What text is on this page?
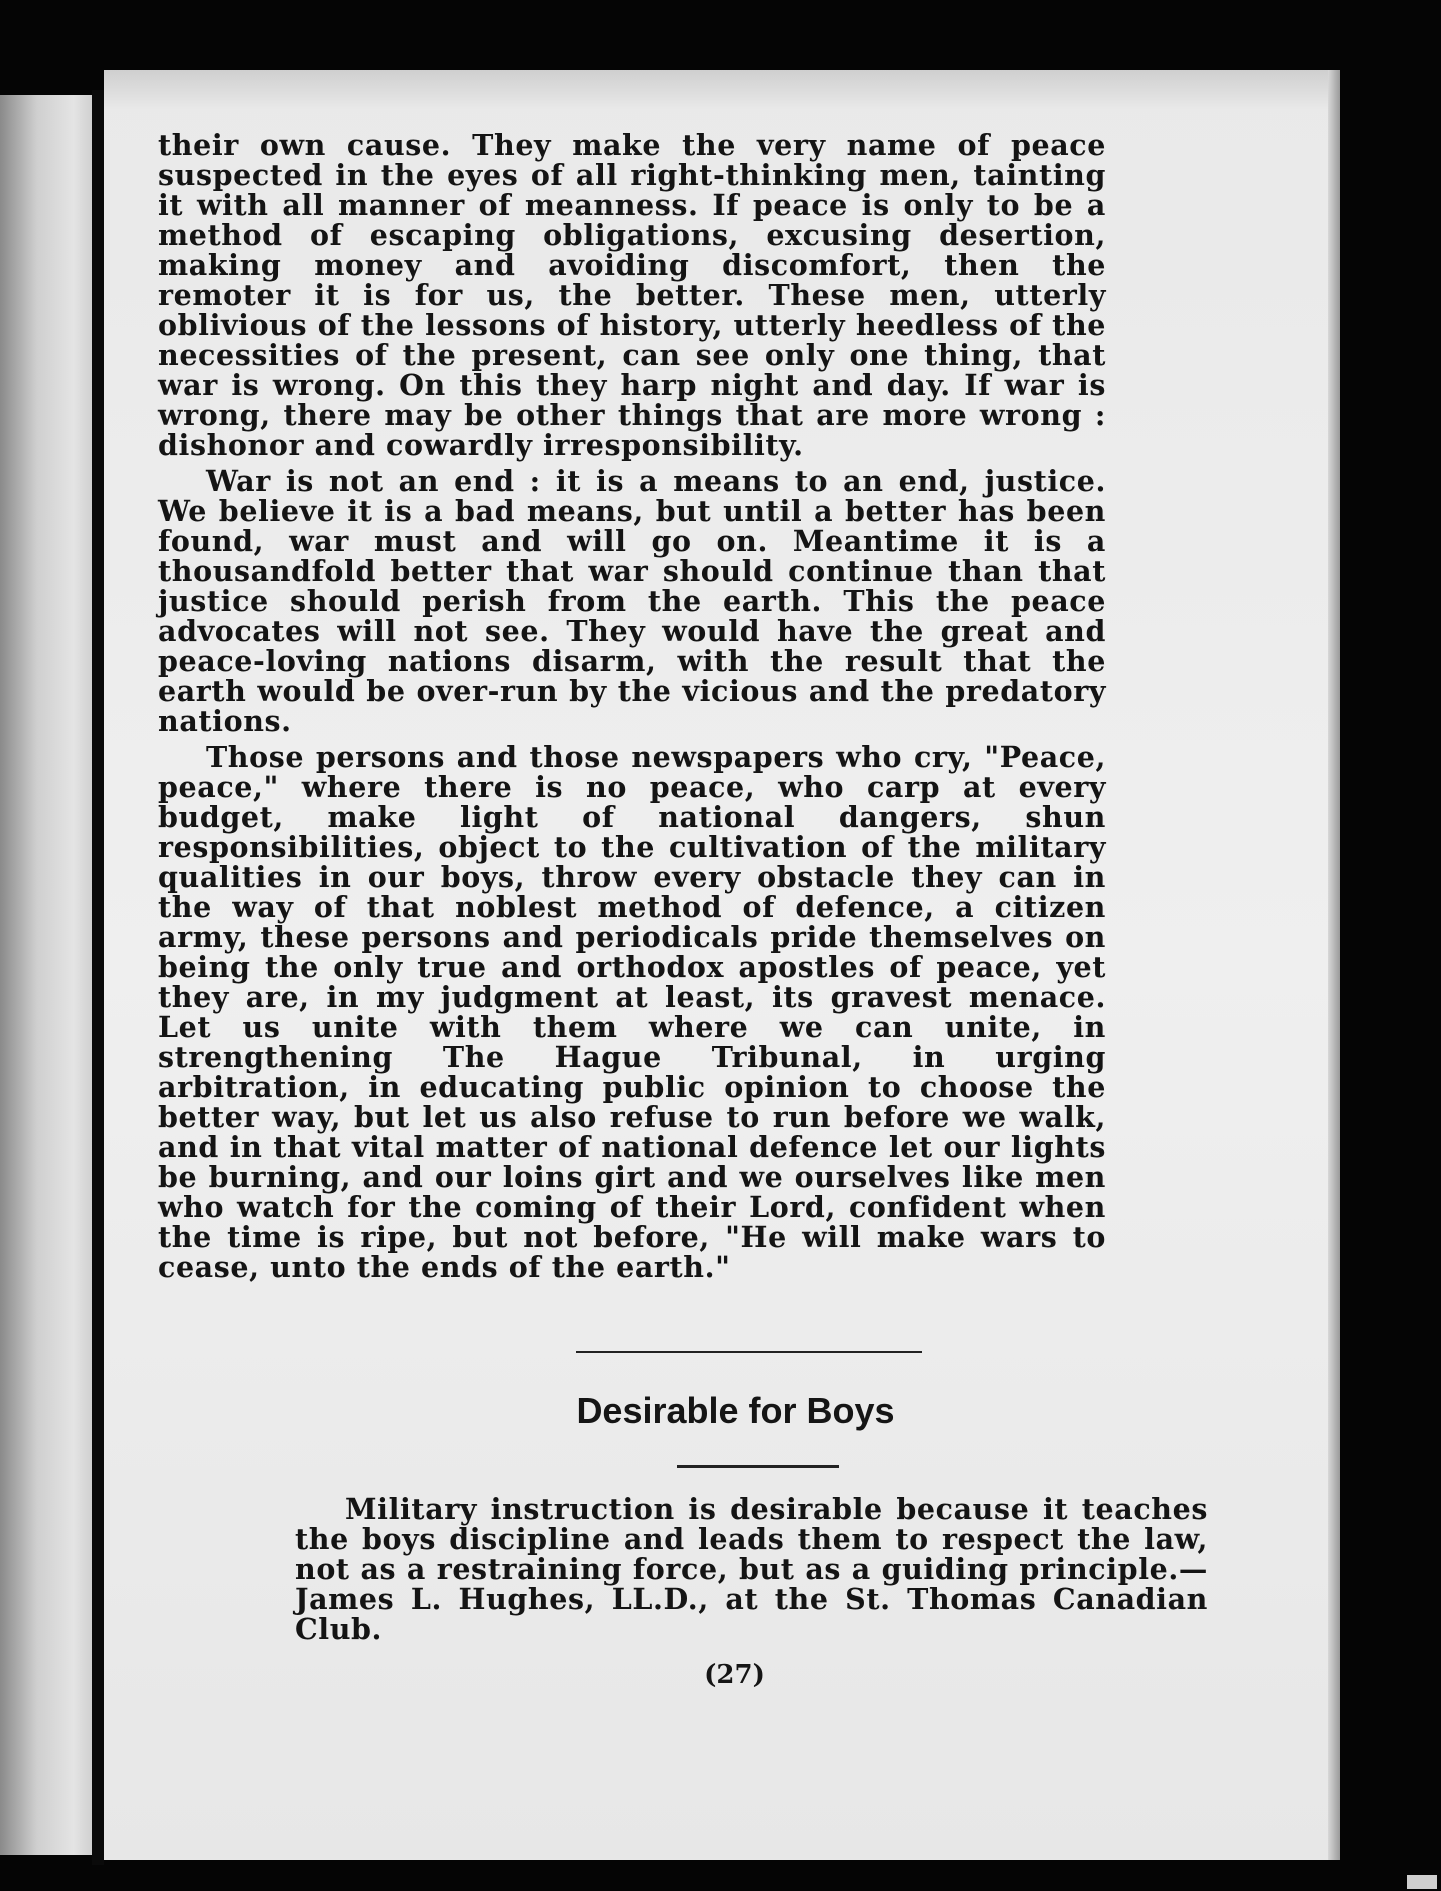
their own cause. They make the very name of peace suspected in the eyes of all right-thinking men, tainting it with all manner of meanness. If peace is only to be a method of escaping obligations, excusing desertion, making money and avoiding discomfort, then the remoter it is for us, the better. These men, utterly oblivious of the lessons of history, utterly heedless of the necessities of the present, can see only one thing, that war is wrong. On this they harp night and day. If war is wrong, there may be other things that are more wrong : dishonor and cowardly irresponsibility.

War is not an end : it is a means to an end, justice. We believe it is a bad means, but until a better has been found, war must and will go on. Meantime it is a thousandfold better that war should continue than that justice should perish from the earth. This the peace advocates will not see. They would have the great and peace-loving nations disarm, with the result that the earth would be over-run by the vicious and the predatory nations.

Those persons and those newspapers who cry, "Peace, peace," where there is no peace, who carp at every budget, make light of national dangers, shun responsibilities, object to the cultivation of the military qualities in our boys, throw every obstacle they can in the way of that noblest method of defence, a citizen army, these persons and periodicals pride themselves on being the only true and orthodox apostles of peace, yet they are, in my judgment at least, its gravest menace. Let us unite with them where we can unite, in strengthening The Hague Tribunal, in urging arbitration, in educating public opinion to choose the better way, but let us also refuse to run before we walk, and in that vital matter of national defence let our lights be burning, and our loins girt and we ourselves like men who watch for the coming of their Lord, confident when the time is ripe, but not before, "He will make wars to cease, unto the ends of the earth."

Desirable for Boys

Military instruction is desirable because it teaches the boys discipline and leads them to respect the law, not as a restraining force, but as a guiding principle.— James L. Hughes, LL.D., at the St. Thomas Canadian Club.

(27)
